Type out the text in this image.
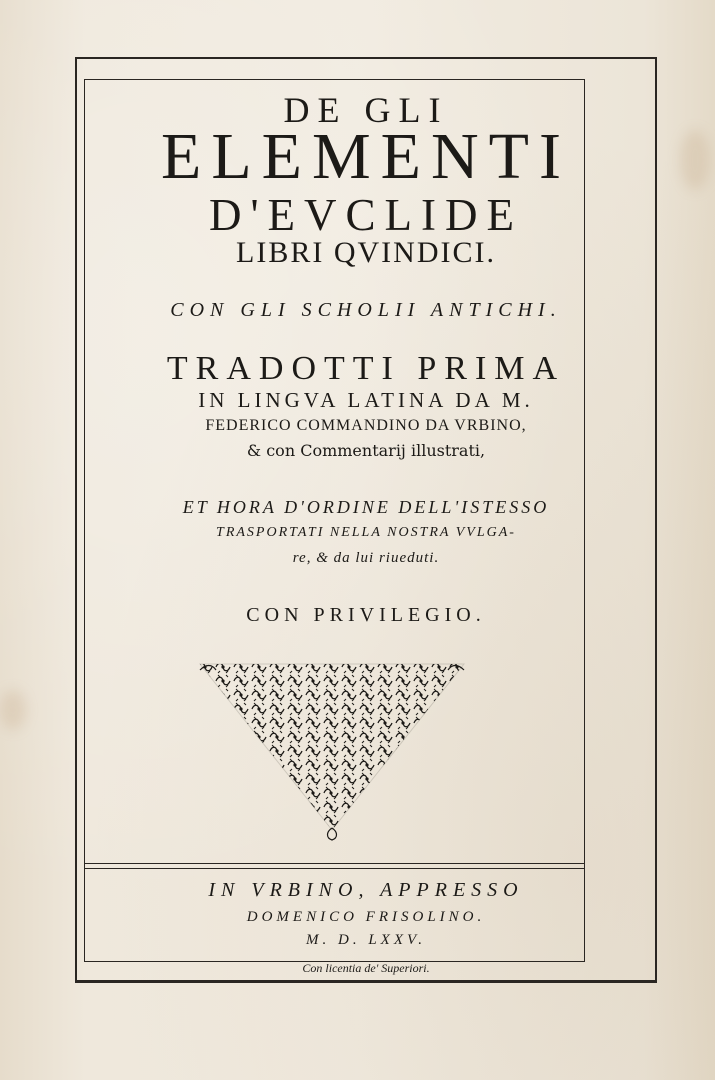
DE GLI
ELEMENTI
D'EVCLIDE
LIBRI QVINDICI.
CON GLI SCHOLII ANTICHI.
TRADOTTI PRIMA
IN LINGVA LATINA DA M.
FEDERICO COMMANDINO DA VRBINO,
& con Commentarij illustrati,
ET HORA D'ORDINE DELL'ISTESSO
TRASPORTATI NELLA NOSTRA VVLGA-
re, & da lui riueduti.
CON PRIVILEGIO.
IN VRBINO, APPRESSO
DOMENICO FRISOLINO.
M. D. LXXV.
Con licentia de' Superiori.
